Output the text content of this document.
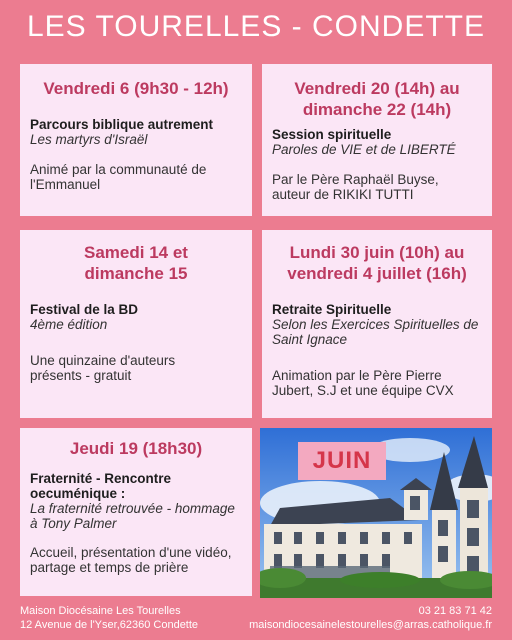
LES TOURELLES - CONDETTE
Vendredi 6 (9h30 - 12h)
Parcours biblique autrement
Les martyrs d'Israël
Animé par la communauté de l'Emmanuel
Vendredi 20 (14h) au dimanche 22 (14h)
Session spirituelle
Paroles de VIE et de LIBERTÉ
Par le Père Raphaël Buyse, auteur de RIKIKI TUTTI
Samedi 14 et dimanche 15
Festival de la BD
4ème édition
Une quinzaine d'auteurs présents - gratuit
Lundi 30 juin (10h) au vendredi 4 juillet (16h)
Retraite Spirituelle
Selon les Exercices Spirituelles de Saint Ignace
Animation par le Père Pierre Jubert, S.J et une équipe CVX
Jeudi 19 (18h30)
Fraternité - Rencontre oecuménique :
La fraternité retrouvée - hommage à Tony Palmer
Accueil, présentation d'une vidéo, partage et temps de prière
JUIN
Maison Diocésaine Les Tourelles
12 Avenue de l'Yser,62360 Condette
03 21 83 71 42
maisondiocesainelestourelles@arras.catholique.fr
